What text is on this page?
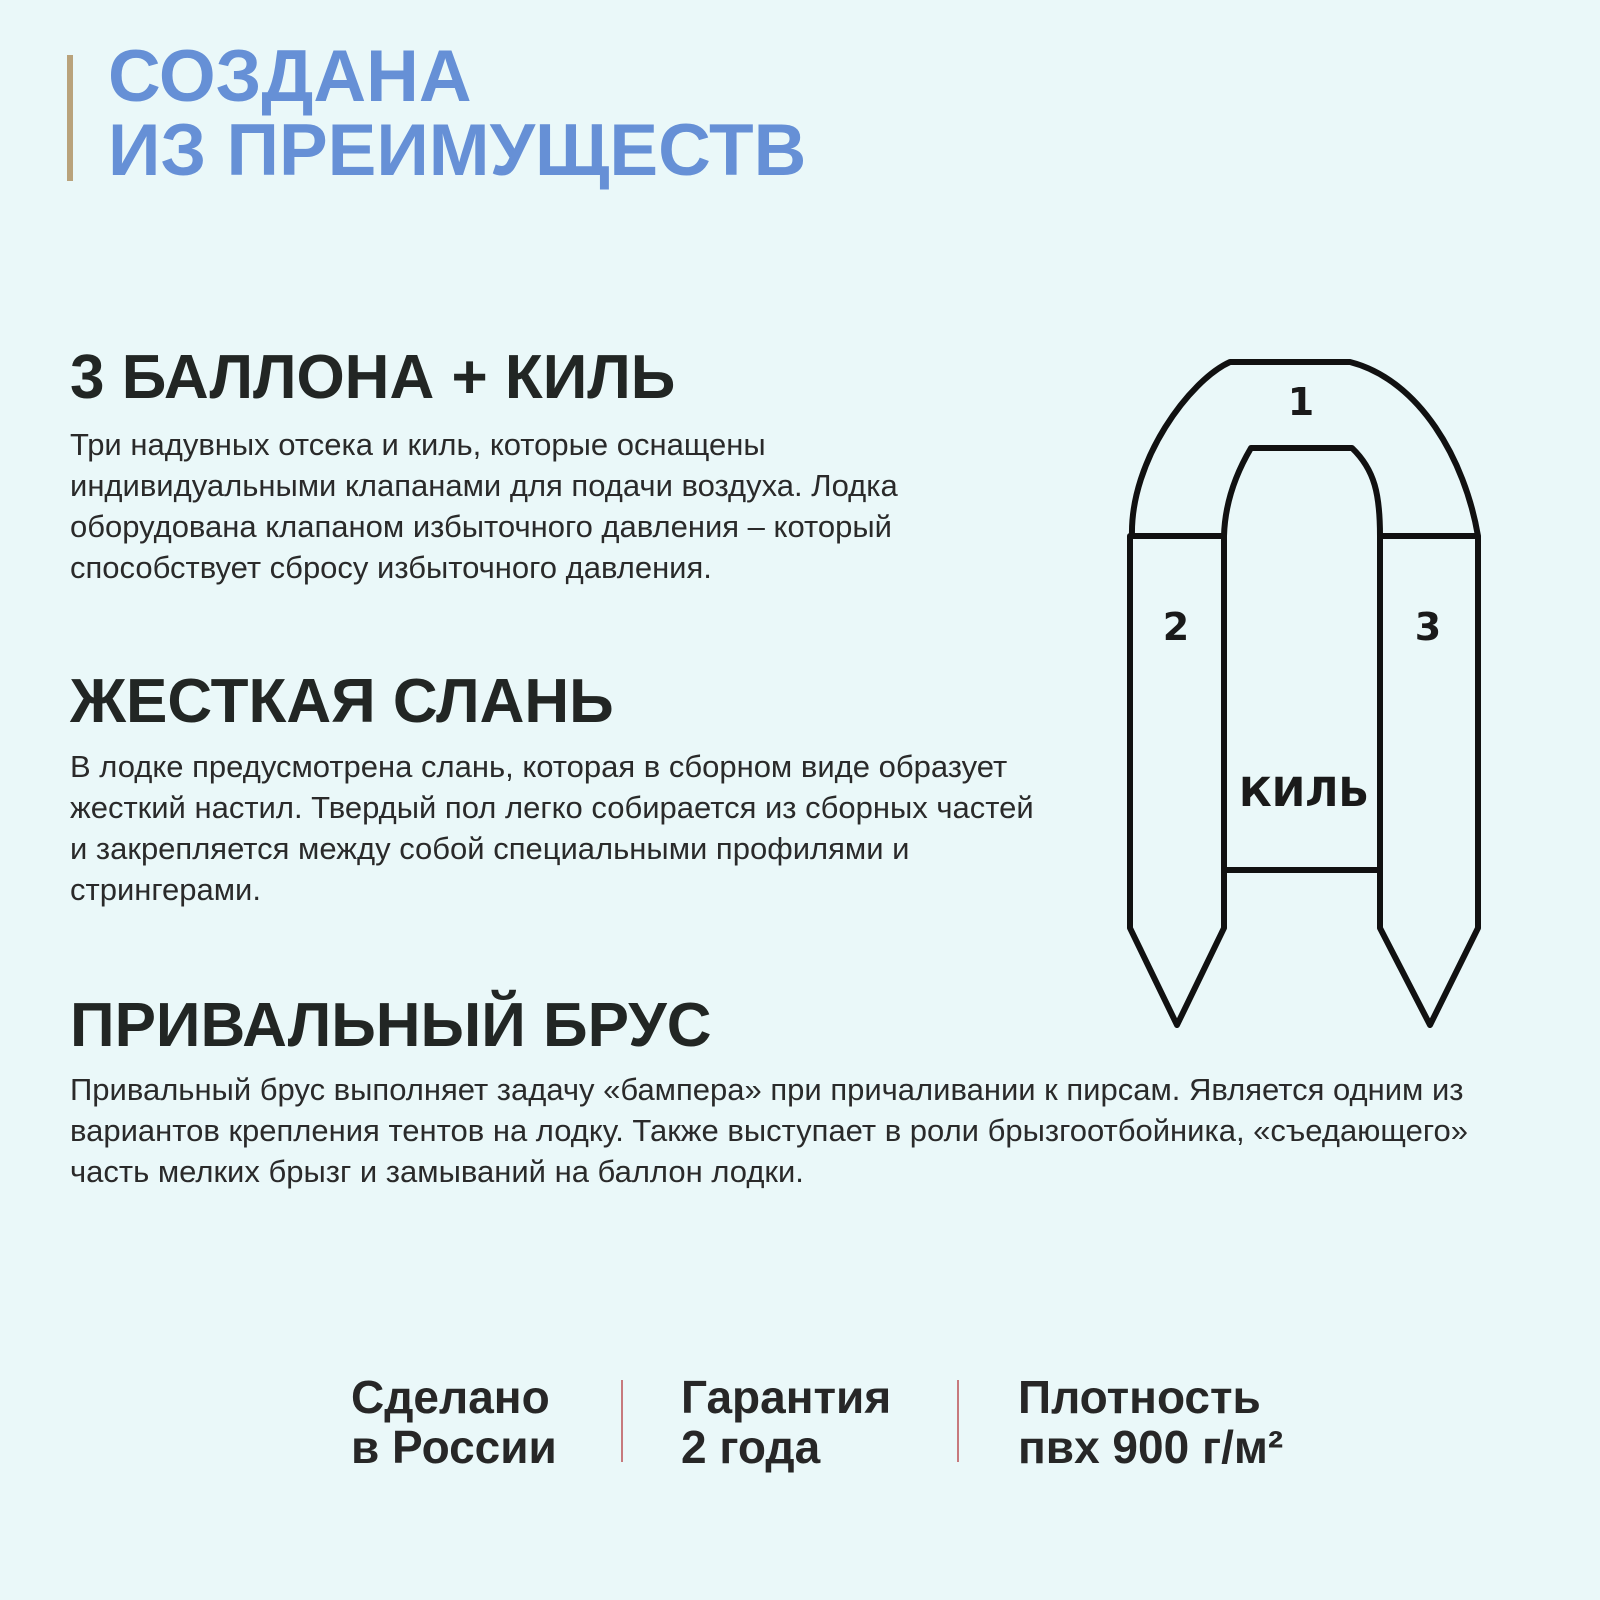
СОЗДАНА
ИЗ ПРЕИМУЩЕСТВ
3 БАЛЛОНА + КИЛЬ

Три надувных отсека и киль, которые оснащены индивидуальными клапанами для подачи воздуха. Лодка оборудована клапаном избыточного давления – который способствует сбросу избыточного давления.

ЖЕСТКАЯ СЛАНЬ

В лодке предусмотрена слань, которая в сборном виде образует жесткий настил. Твердый пол легко собирается из сборных частей и закрепляется между собой специальными профилями и стрингерами.

ПРИВАЛЬНЫЙ БРУС

Привальный брус выполняет задачу «бампера» при причаливании к пирсам. Является одним из вариантов крепления тентов на лодку. Также выступает в роли брызгоотбойника, «съедающего» часть мелких брызг и замываний на баллон лодки.

1
2	3
КИЛЬ
Сделано
в России
Гарантия
2 года
Плотность
пвх 900 г/м²
